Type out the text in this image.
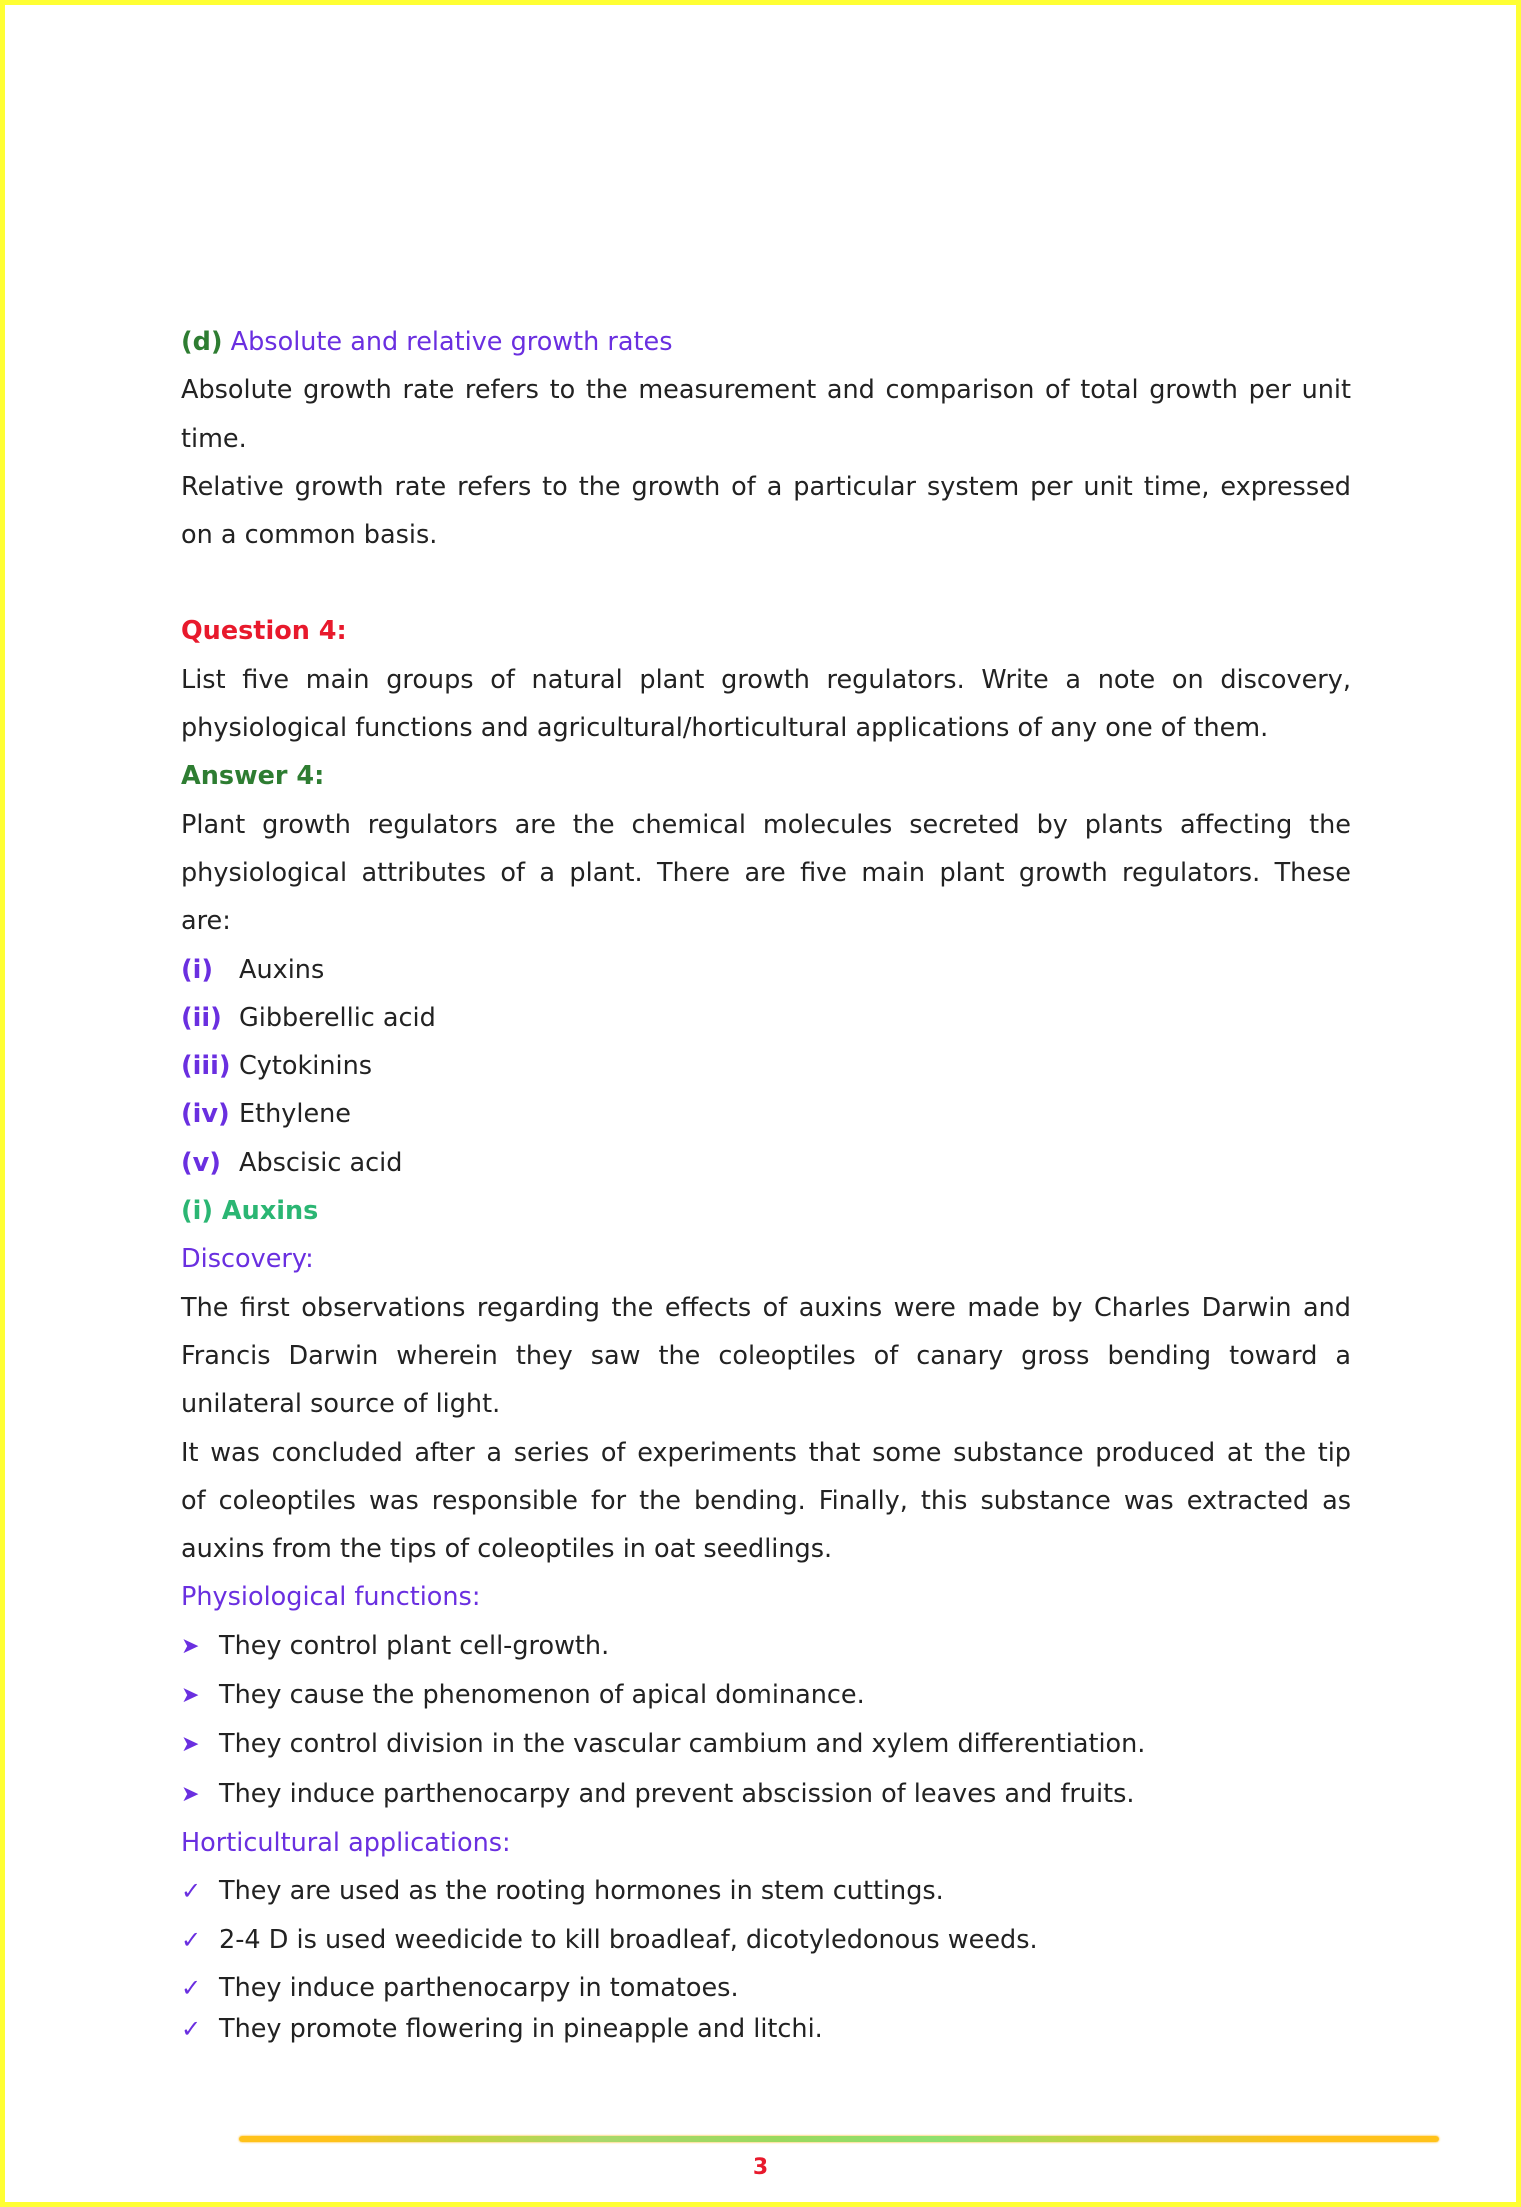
(d) Absolute and relative growth rates
Absolute growth rate refers to the measurement and comparison of total growth per unit
time.
Relative growth rate refers to the growth of a particular system per unit time, expressed
on a common basis.
Question 4:
List five main groups of natural plant growth regulators. Write a note on discovery,
physiological functions and agricultural/horticultural applications of any one of them.
Answer 4:
Plant growth regulators are the chemical molecules secreted by plants affecting the
physiological attributes of a plant. There are five main plant growth regulators. These
are:
(i) Auxins
(ii) Gibberellic acid
(iii) Cytokinins
(iv) Ethylene
(v) Abscisic acid
(i) Auxins
Discovery:
The first observations regarding the effects of auxins were made by Charles Darwin and
Francis Darwin wherein they saw the coleoptiles of canary gross bending toward a
unilateral source of light.
It was concluded after a series of experiments that some substance produced at the tip
of coleoptiles was responsible for the bending. Finally, this substance was extracted as
auxins from the tips of coleoptiles in oat seedlings.
Physiological functions:
➤ They control plant cell-growth.
➤ They cause the phenomenon of apical dominance.
➤ They control division in the vascular cambium and xylem differentiation.
➤ They induce parthenocarpy and prevent abscission of leaves and fruits.
Horticultural applications:
✓ They are used as the rooting hormones in stem cuttings.
✓ 2-4 D is used weedicide to kill broadleaf, dicotyledonous weeds.
✓ They induce parthenocarpy in tomatoes.
✓ They promote flowering in pineapple and litchi.
3
